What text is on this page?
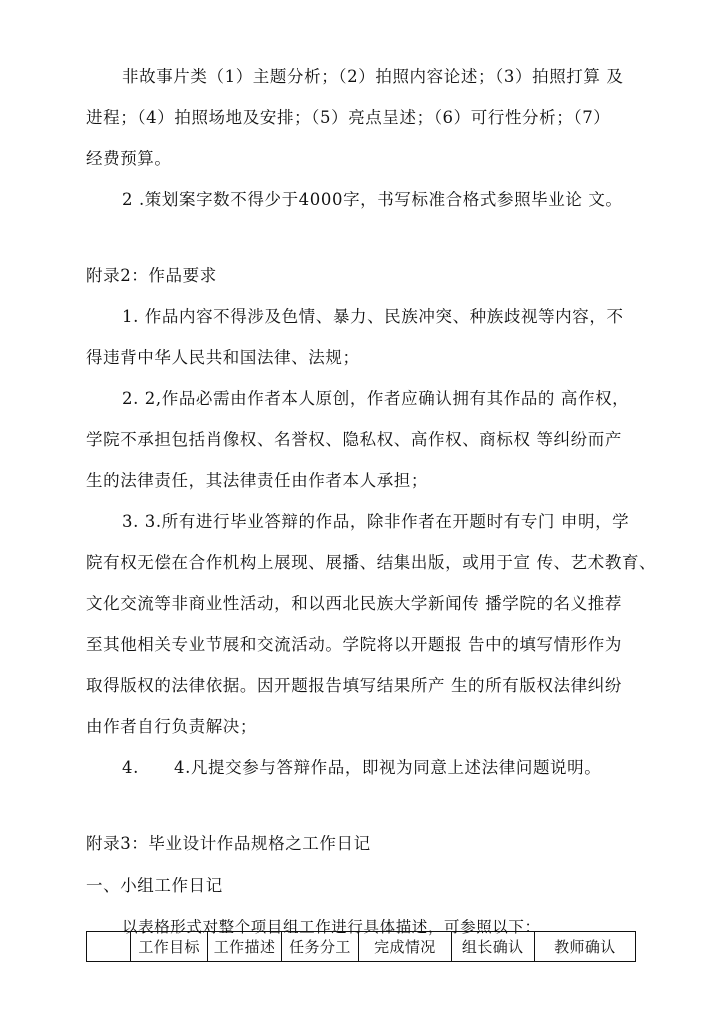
非故事片类（1）主题分析；（2）拍照内容论述；（3）拍照打算 及
进程；（4）拍照场地及安排；（5）亮点呈述；（6）可行性分析；（7）
经费预算。
2 .策划案字数不得少于4000字，书写标准合格式参照毕业论 文。
附录2：作品要求
1. 作品内容不得涉及色情、暴力、民族冲突、种族歧视等内容，不
得违背中华人民共和国法律、法规；
2. 2,作品必需由作者本人原创，作者应确认拥有其作品的 高作权，
学院不承担包括肖像权、名誉权、隐私权、高作权、商标权 等纠纷而产
生的法律责任，其法律责任由作者本人承担；
3. 3.所有进行毕业答辩的作品，除非作者在开题时有专门 申明，学
院有权无偿在合作机构上展现、展播、结集出版，或用于宣 传、艺术教育、
文化交流等非商业性活动，和以西北民族大学新闻传 播学院的名义推荐
至其他相关专业节展和交流活动。学院将以开题报 告中的填写情形作为
取得版权的法律依据。因开题报告填写结果所产 生的所有版权法律纠纷
由作者自行负责解决；
4.      4.凡提交参与答辩作品，即视为同意上述法律问题说明。
附录3：毕业设计作品规格之工作日记
一、小组工作日记
以表格形式对整个项目组工作进行具体描述，可参照以下：
	工作目标	工作描述	任务分工	完成情况	组长确认	教师确认
